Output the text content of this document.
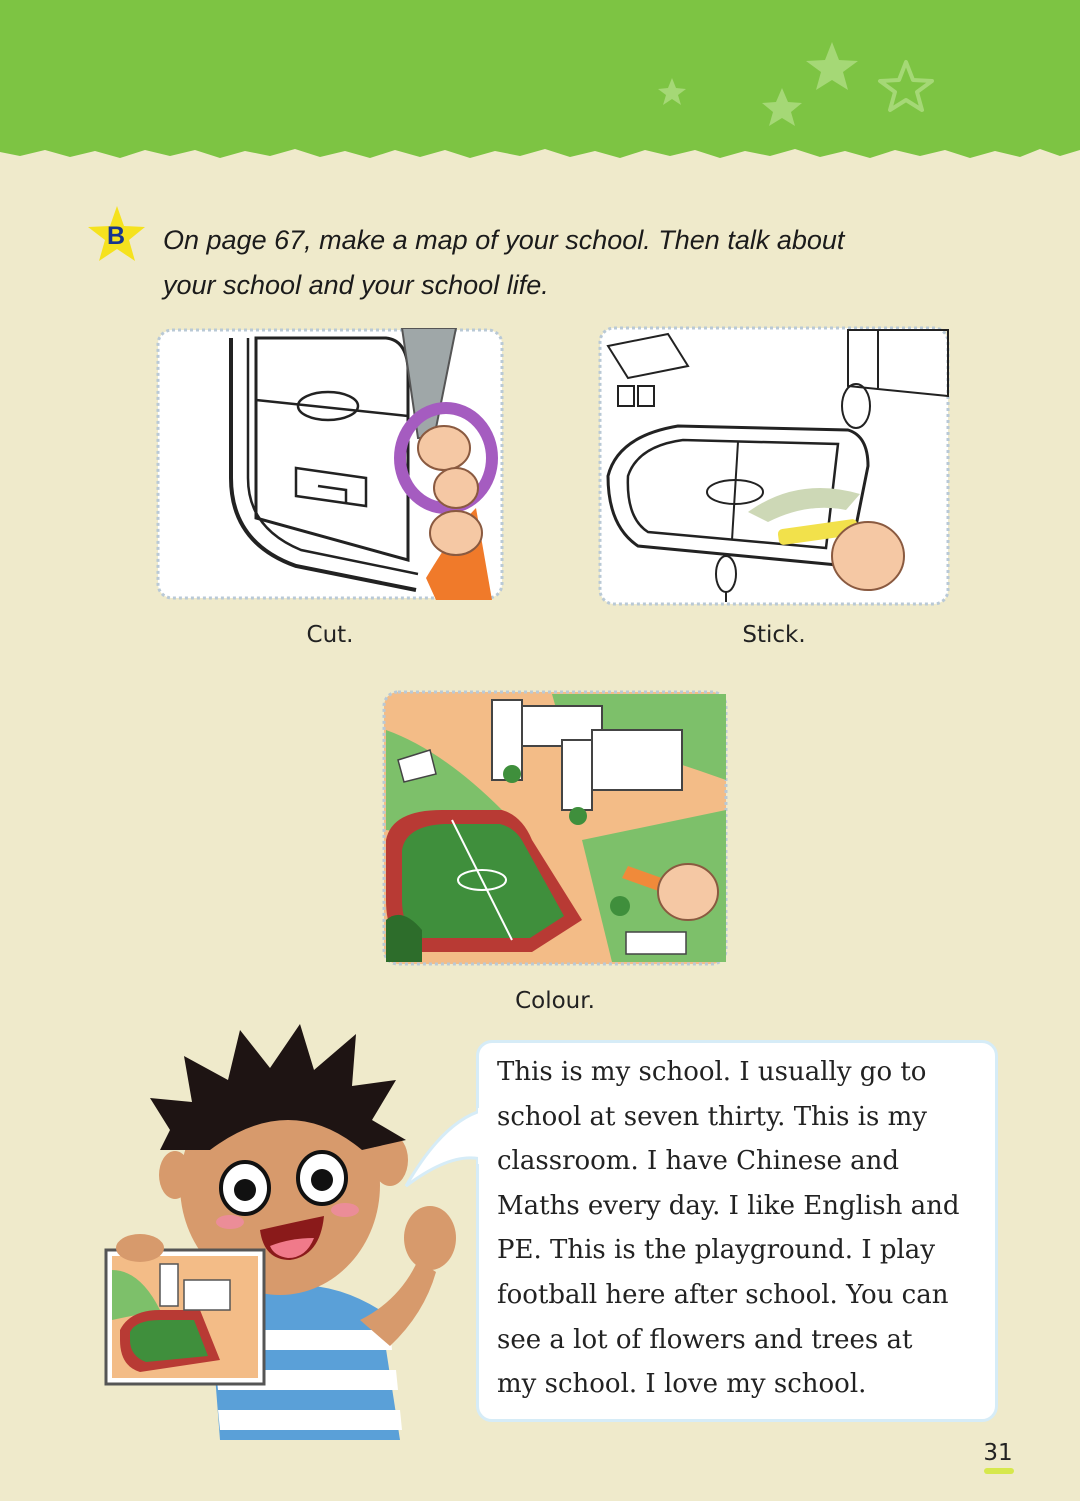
B On page 67, make a map of your school. Then talk about
your school and your school life.
Cut.	Stick.
Colour.
This is my school. I usually go to
school at seven thirty. This is my
classroom. I have Chinese and
Maths every day. I like English and
PE. This is the playground. I play
football here after school. You can
see a lot of flowers and trees at
my school. I love my school.
31
